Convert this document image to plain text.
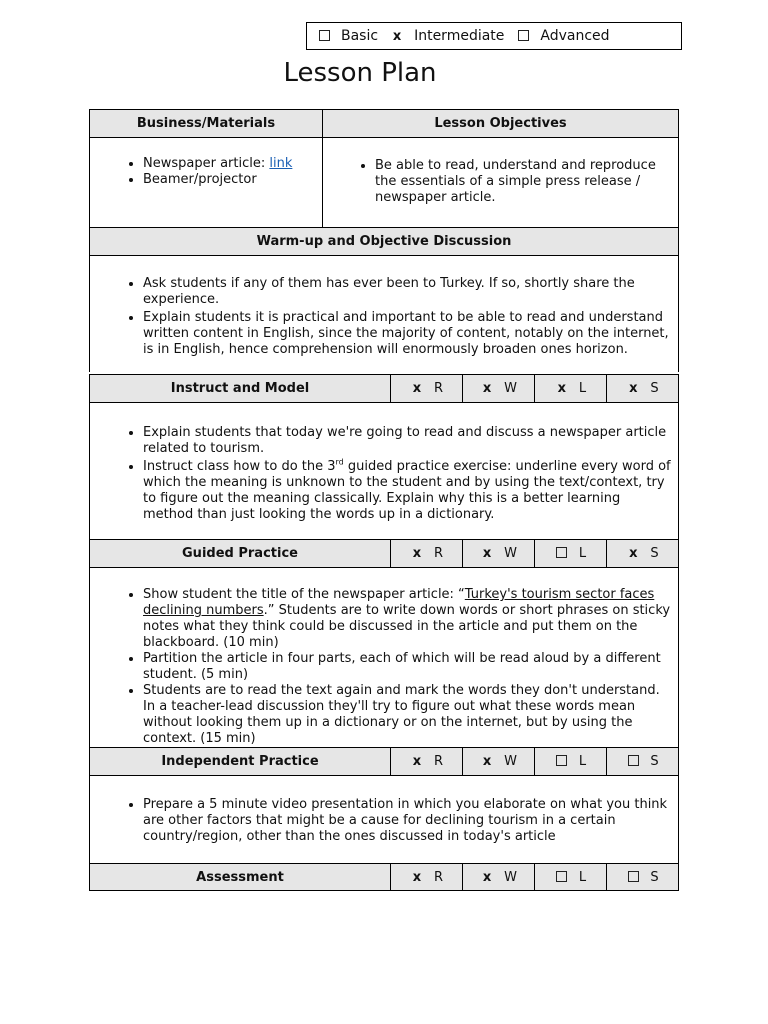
Basic x Intermediate	Advanced
Lesson Plan
Business/Materials	Lesson Objectives
• Newspaper article: link
• Beamer/projector
• Be able to read, understand and reproduce the essentials of a simple press release / newspaper article.
Warm-up and Objective Discussion
• Ask students if any of them has ever been to Turkey. If so, shortly share the experience.
• Explain students it is practical and important to be able to read and understand written content in English, since the majority of content, notably on the internet, is in English, hence comprehension will enormously broaden ones horizon.
Instruct and Model	x R	x W	x L	x S
• Explain students that today we're going to read and discuss a newspaper article related to tourism.
• Instruct class how to do the 3rd guided practice exercise: underline every word of which the meaning is unknown to the student and by using the text/context, try to figure out the meaning classically. Explain why this is a better learning method than just looking the words up in a dictionary.
Guided Practice	x R	x W	L	x S
• Show student the title of the newspaper article: “Turkey's tourism sector faces declining numbers.” Students are to write down words or short phrases on sticky notes what they think could be discussed in the article and put them on the blackboard. (10 min)
• Partition the article in four parts, each of which will be read aloud by a different student. (5 min)
• Students are to read the text again and mark the words they don't understand. In a teacher-lead discussion they'll try to figure out what these words mean without looking them up in a dictionary or on the internet, but by using the context. (15 min)
Independent Practice	x R	x W	L	S
• Prepare a 5 minute video presentation in which you elaborate on what you think are other factors that might be a cause for declining tourism in a certain country/region, other than the ones discussed in today's article
Assessment	x R	x W	L	S
